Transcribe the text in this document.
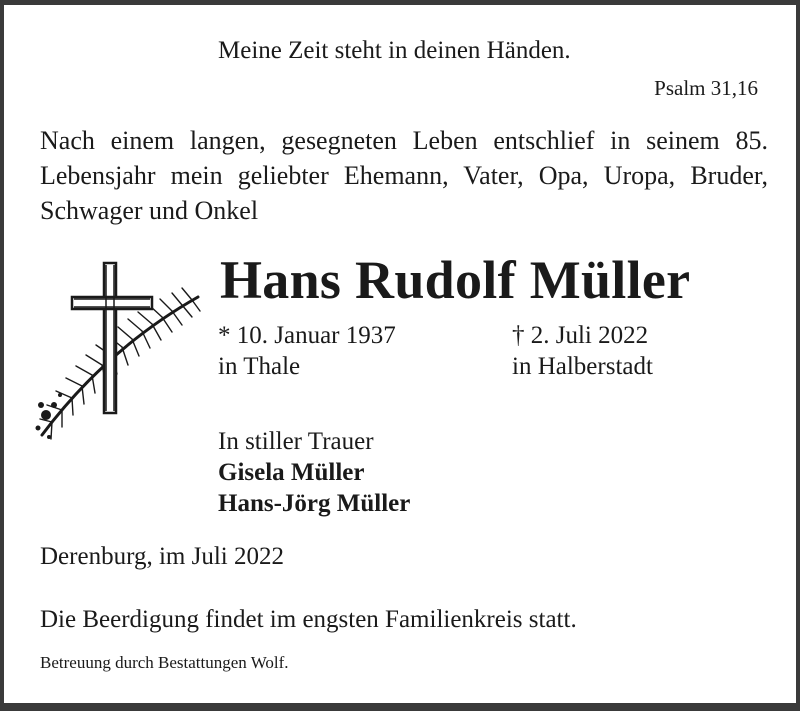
Meine Zeit steht in deinen Händen.

Psalm 31,16

Nach einem langen, gesegneten Leben entschlief in seinem 85. Lebensjahr mein geliebter Ehemann, Vater, Opa, Uropa, Bruder, Schwager und Onkel

Hans Rudolf Müller

* 10. Januar 1937
in Thale
† 2. Juli 2022
in Halberstadt
In stiller Trauer
Gisela Müller
Hans-Jörg Müller

Derenburg, im Juli 2022

Die Beerdigung findet im engsten Familienkreis statt.

Betreuung durch Bestattungen Wolf.
